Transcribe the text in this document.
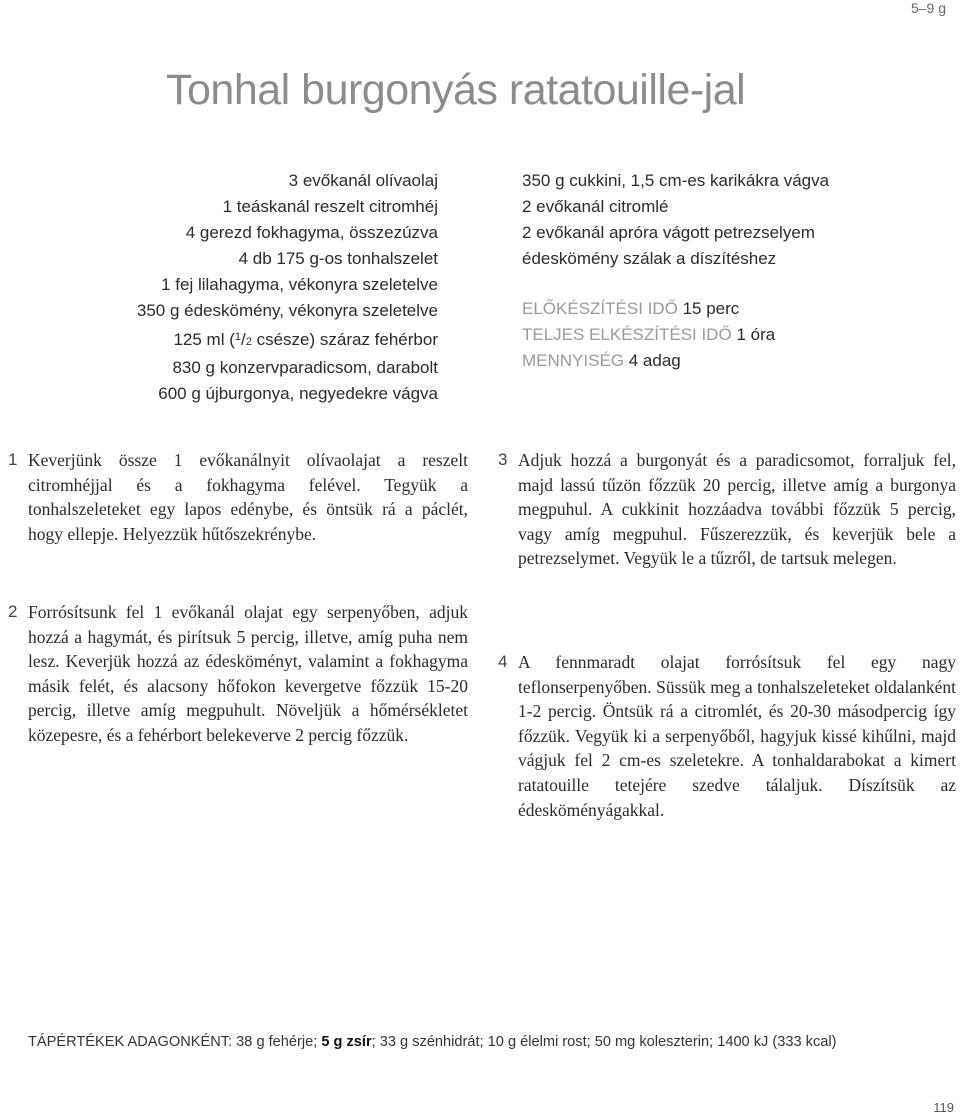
5–9 g
Tonhal burgonyás ratatouille-jal
3 evőkanál olívaolaj
1 teáskanál reszelt citromhéj
4 gerezd fokhagyma, összezúzva
4 db 175 g-os tonhalszelet
1 fej lilahagyma, vékonyra szeletelve
350 g édeskömény, vékonyra szeletelve
125 ml ($^1$/2 csésze) száraz fehérbor
830 g konzervparadicsom, darabolt
600 g újburgonya, negyedekre vágva
350 g cukkini, 1,5 cm-es karikákra vágva
2 evőkanál citromlé
2 evőkanál apróra vágott petrezselyem
édeskömény szálak a díszítéshez
ELŐKÉSZÍTÉSI IDŐ 15 perc
TELJES ELKÉSZÍTÉSI IDŐ 1 óra
MENNYISÉG 4 adag
1 Keverjünk össze 1 evőkanálnyit olívaolajat a reszelt citromhéjjal és a fokhagyma felével. Tegyük a tonhalszeleteket egy lapos edénybe, és öntsük rá a páclét, hogy ellepje. Helyezzük hűtőszekrénybe.
2 Forrósítsunk fel 1 evőkanál olajat egy serpenyőben, adjuk hozzá a hagymát, és pirítsuk 5 percig, illetve, amíg puha nem lesz. Keverjük hozzá az édesköményt, valamint a fokhagyma másik felét, és alacsony hőfokon kevergetve főzzük 15-20 percig, illetve amíg megpuhult. Növeljük a hőmérsékletet közepesre, és a fehérbort belekeverve 2 percig főzzük.
3 Adjuk hozzá a burgonyát és a paradicsomot, forraljuk fel, majd lassú tűzön főzzük 20 percig, illetve amíg a burgonya megpuhul. A cukkinit hozzáadva további főzzük 5 percig, vagy amíg megpuhul. Fűszerezzük, és keverjük bele a petrezselymet. Vegyük le a tűzről, de tartsuk melegen.
4 A fennmaradt olajat forrósítsuk fel egy nagy teflonserpenyőben. Süssük meg a tonhalszeleteket oldalanként 1-2 percig. Öntsük rá a citromlét, és 20-30 másodpercig így főzzük. Vegyük ki a serpenyőből, hagyjuk kissé kihűlni, majd vágjuk fel 2 cm-es szeletekre. A tonhaldarabokat a kimert ratatouille tetejére szedve tálaljuk. Díszítsük az édesköményágakkal.
TÁPÉRTÉKEK ADAGONKÉNT: 38 g fehérje; 5 g zsír; 33 g szénhidrát; 10 g élelmi rost; 50 mg koleszterin; 1400 kJ (333 kcal)
119
